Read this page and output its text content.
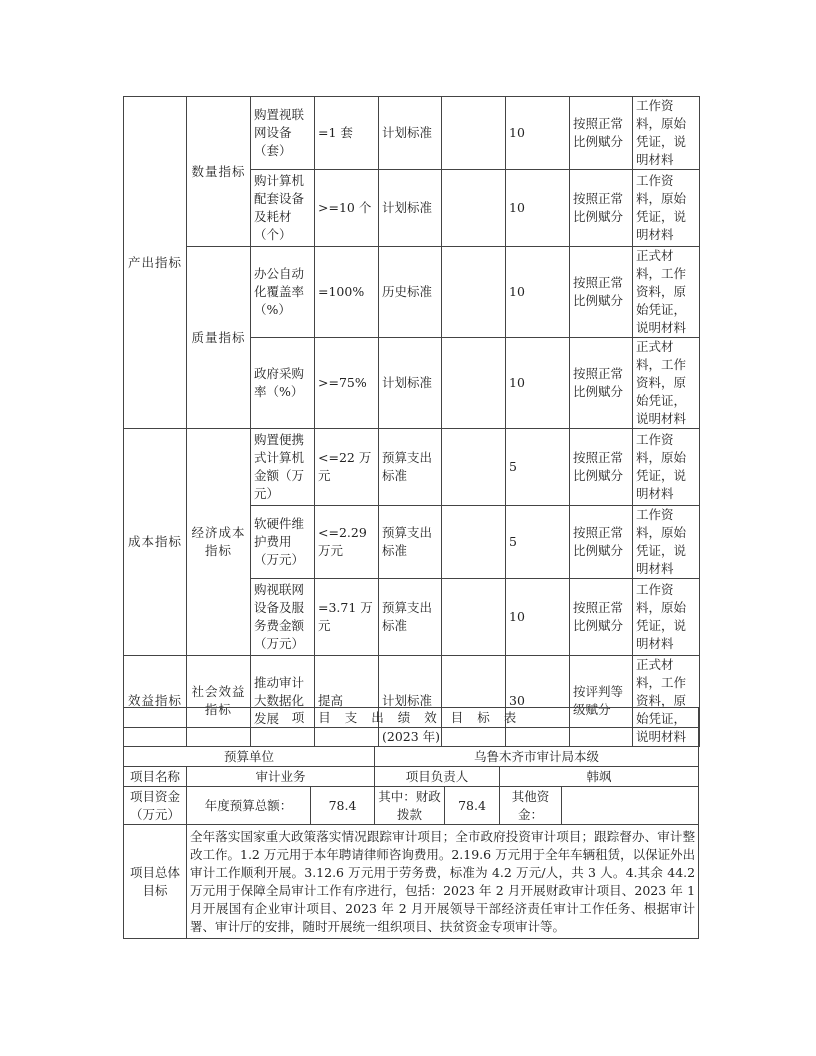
产出指标	数量指标	购置视联网设备（套）	=1 套	计划标准		10	按照正常比例赋分	工作资料，原始凭证，说明材料
		购计算机配套设备及耗材（个）	>=10 个	计划标准		10	按照正常比例赋分	工作资料，原始凭证，说明材料
	质量指标	办公自动化覆盖率（%）	=100%	历史标准		10	按照正常比例赋分	正式材料，工作资料，原始凭证，说明材料
		政府采购率（%）	>=75%	计划标准		10	按照正常比例赋分	正式材料，工作资料，原始凭证，说明材料
成本指标	经济成本指标	购置便携式计算机金额（万元）	<=22 万元	预算支出标准		5	按照正常比例赋分	工作资料，原始凭证，说明材料
		软硬件维护费用（万元）	<=2.29 万元	预算支出标准		5	按照正常比例赋分	工作资料，原始凭证，说明材料
		购视联网设备及服务费金额（万元）	=3.71 万元	预算支出标准		10	按照正常比例赋分	工作资料，原始凭证，说明材料
效益指标	社会效益指标	推动审计大数据化发展	提高	计划标准		30	按评判等级赋分	正式材料，工作资料，原始凭证，说明材料
项目支出绩效目标表						
(2023 年)						
预算单位			乌鲁木齐市审计局本级			
项目名称	审计业务		项目负责人		韩飒	
项目资金（万元）	年度预算总额：	78.4	其中：财政拨款	78.4	其他资金：	
项目总体目标	全年落实国家重大政策落实情况跟踪审计项目；全市政府投资审计项目；跟踪督办、审计整改工作。1.2 万元用于本年聘请律师咨询费用。2.19.6 万元用于全年车辆租赁，以保证外出审计工作顺利开展。3.12.6 万元用于劳务费，标准为 4.2 万元/人，共 3 人。4.其余 44.2 万元用于保障全局审计工作有序进行，包括：2023 年 2 月开展财政审计项目、2023 年 1 月开展国有企业审计项目、2023 年 2 月开展领导干部经济责任审计工作任务、根据审计署、审计厅的安排，随时开展统一组织项目、扶贫资金专项审计等。					
